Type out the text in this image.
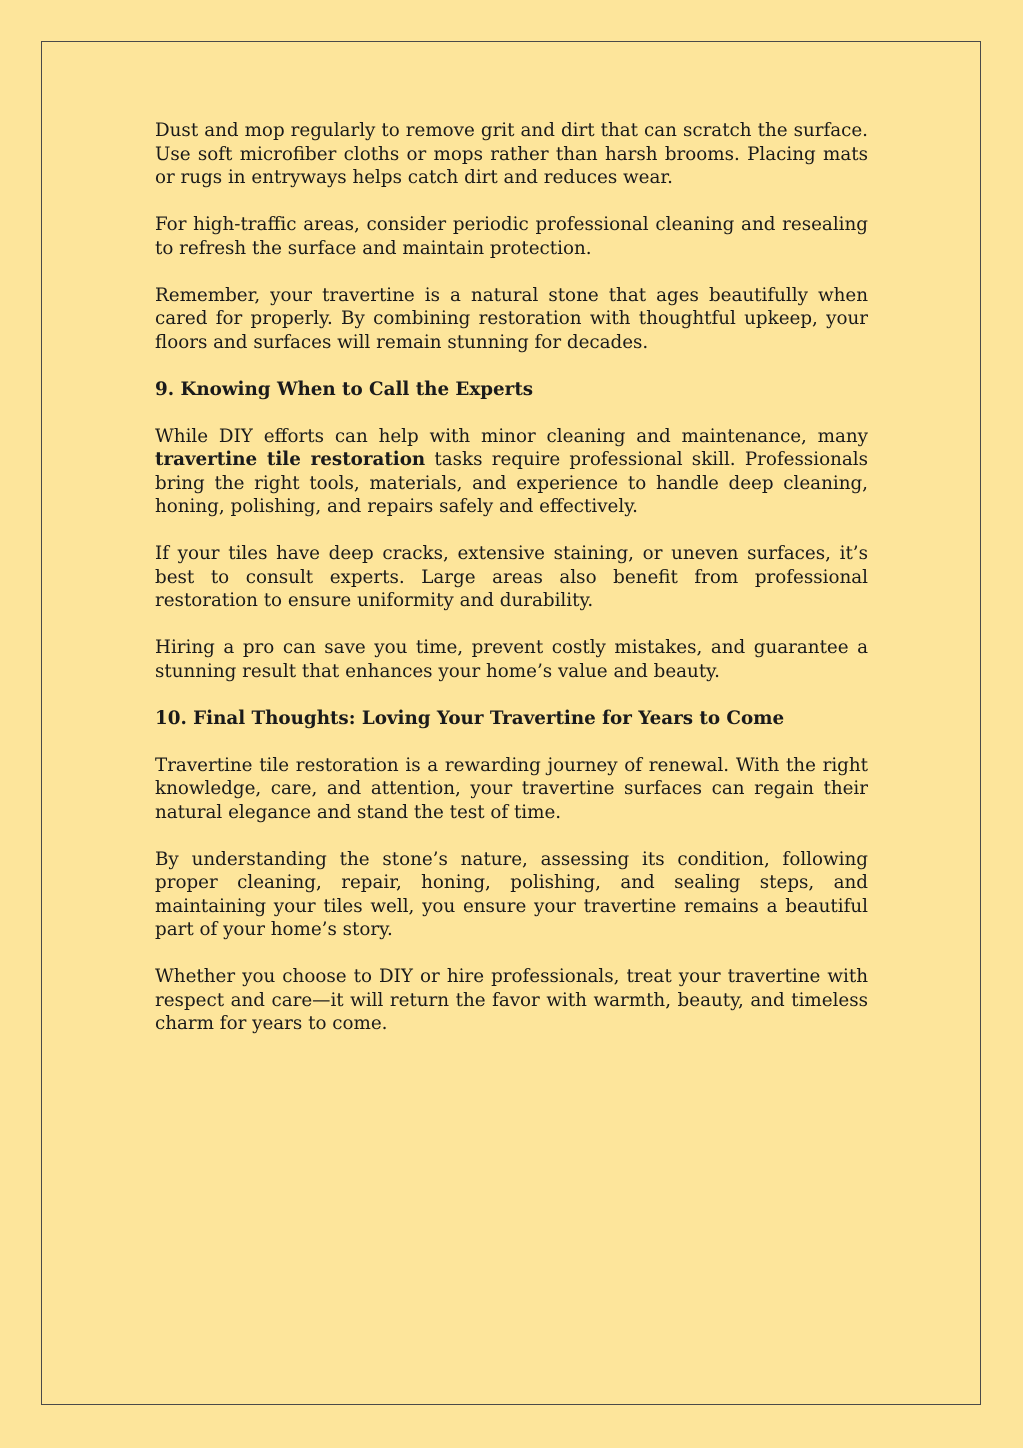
Dust and mop regularly to remove grit and dirt that can scratch the surface. Use soft microfiber cloths or mops rather than harsh brooms. Placing mats or rugs in entryways helps catch dirt and reduces wear.

For high-traffic areas, consider periodic professional cleaning and resealing to refresh the surface and maintain protection.

Remember, your travertine is a natural stone that ages beautifully when cared for properly. By combining restoration with thoughtful upkeep, your floors and surfaces will remain stunning for decades.

9. Knowing When to Call the Experts

While DIY efforts can help with minor cleaning and maintenance, many travertine tile restoration tasks require professional skill. Professionals bring the right tools, materials, and experience to handle deep cleaning, honing, polishing, and repairs safely and effectively.

If your tiles have deep cracks, extensive staining, or uneven surfaces, it’s best to consult experts. Large areas also benefit from professional restoration to ensure uniformity and durability.

Hiring a pro can save you time, prevent costly mistakes, and guarantee a stunning result that enhances your home’s value and beauty.

10. Final Thoughts: Loving Your Travertine for Years to Come

Travertine tile restoration is a rewarding journey of renewal. With the right knowledge, care, and attention, your travertine surfaces can regain their natural elegance and stand the test of time.

By understanding the stone’s nature, assessing its condition, following proper cleaning, repair, honing, polishing, and sealing steps, and maintaining your tiles well, you ensure your travertine remains a beautiful part of your home’s story.

Whether you choose to DIY or hire professionals, treat your travertine with respect and care—it will return the favor with warmth, beauty, and timeless charm for years to come.
